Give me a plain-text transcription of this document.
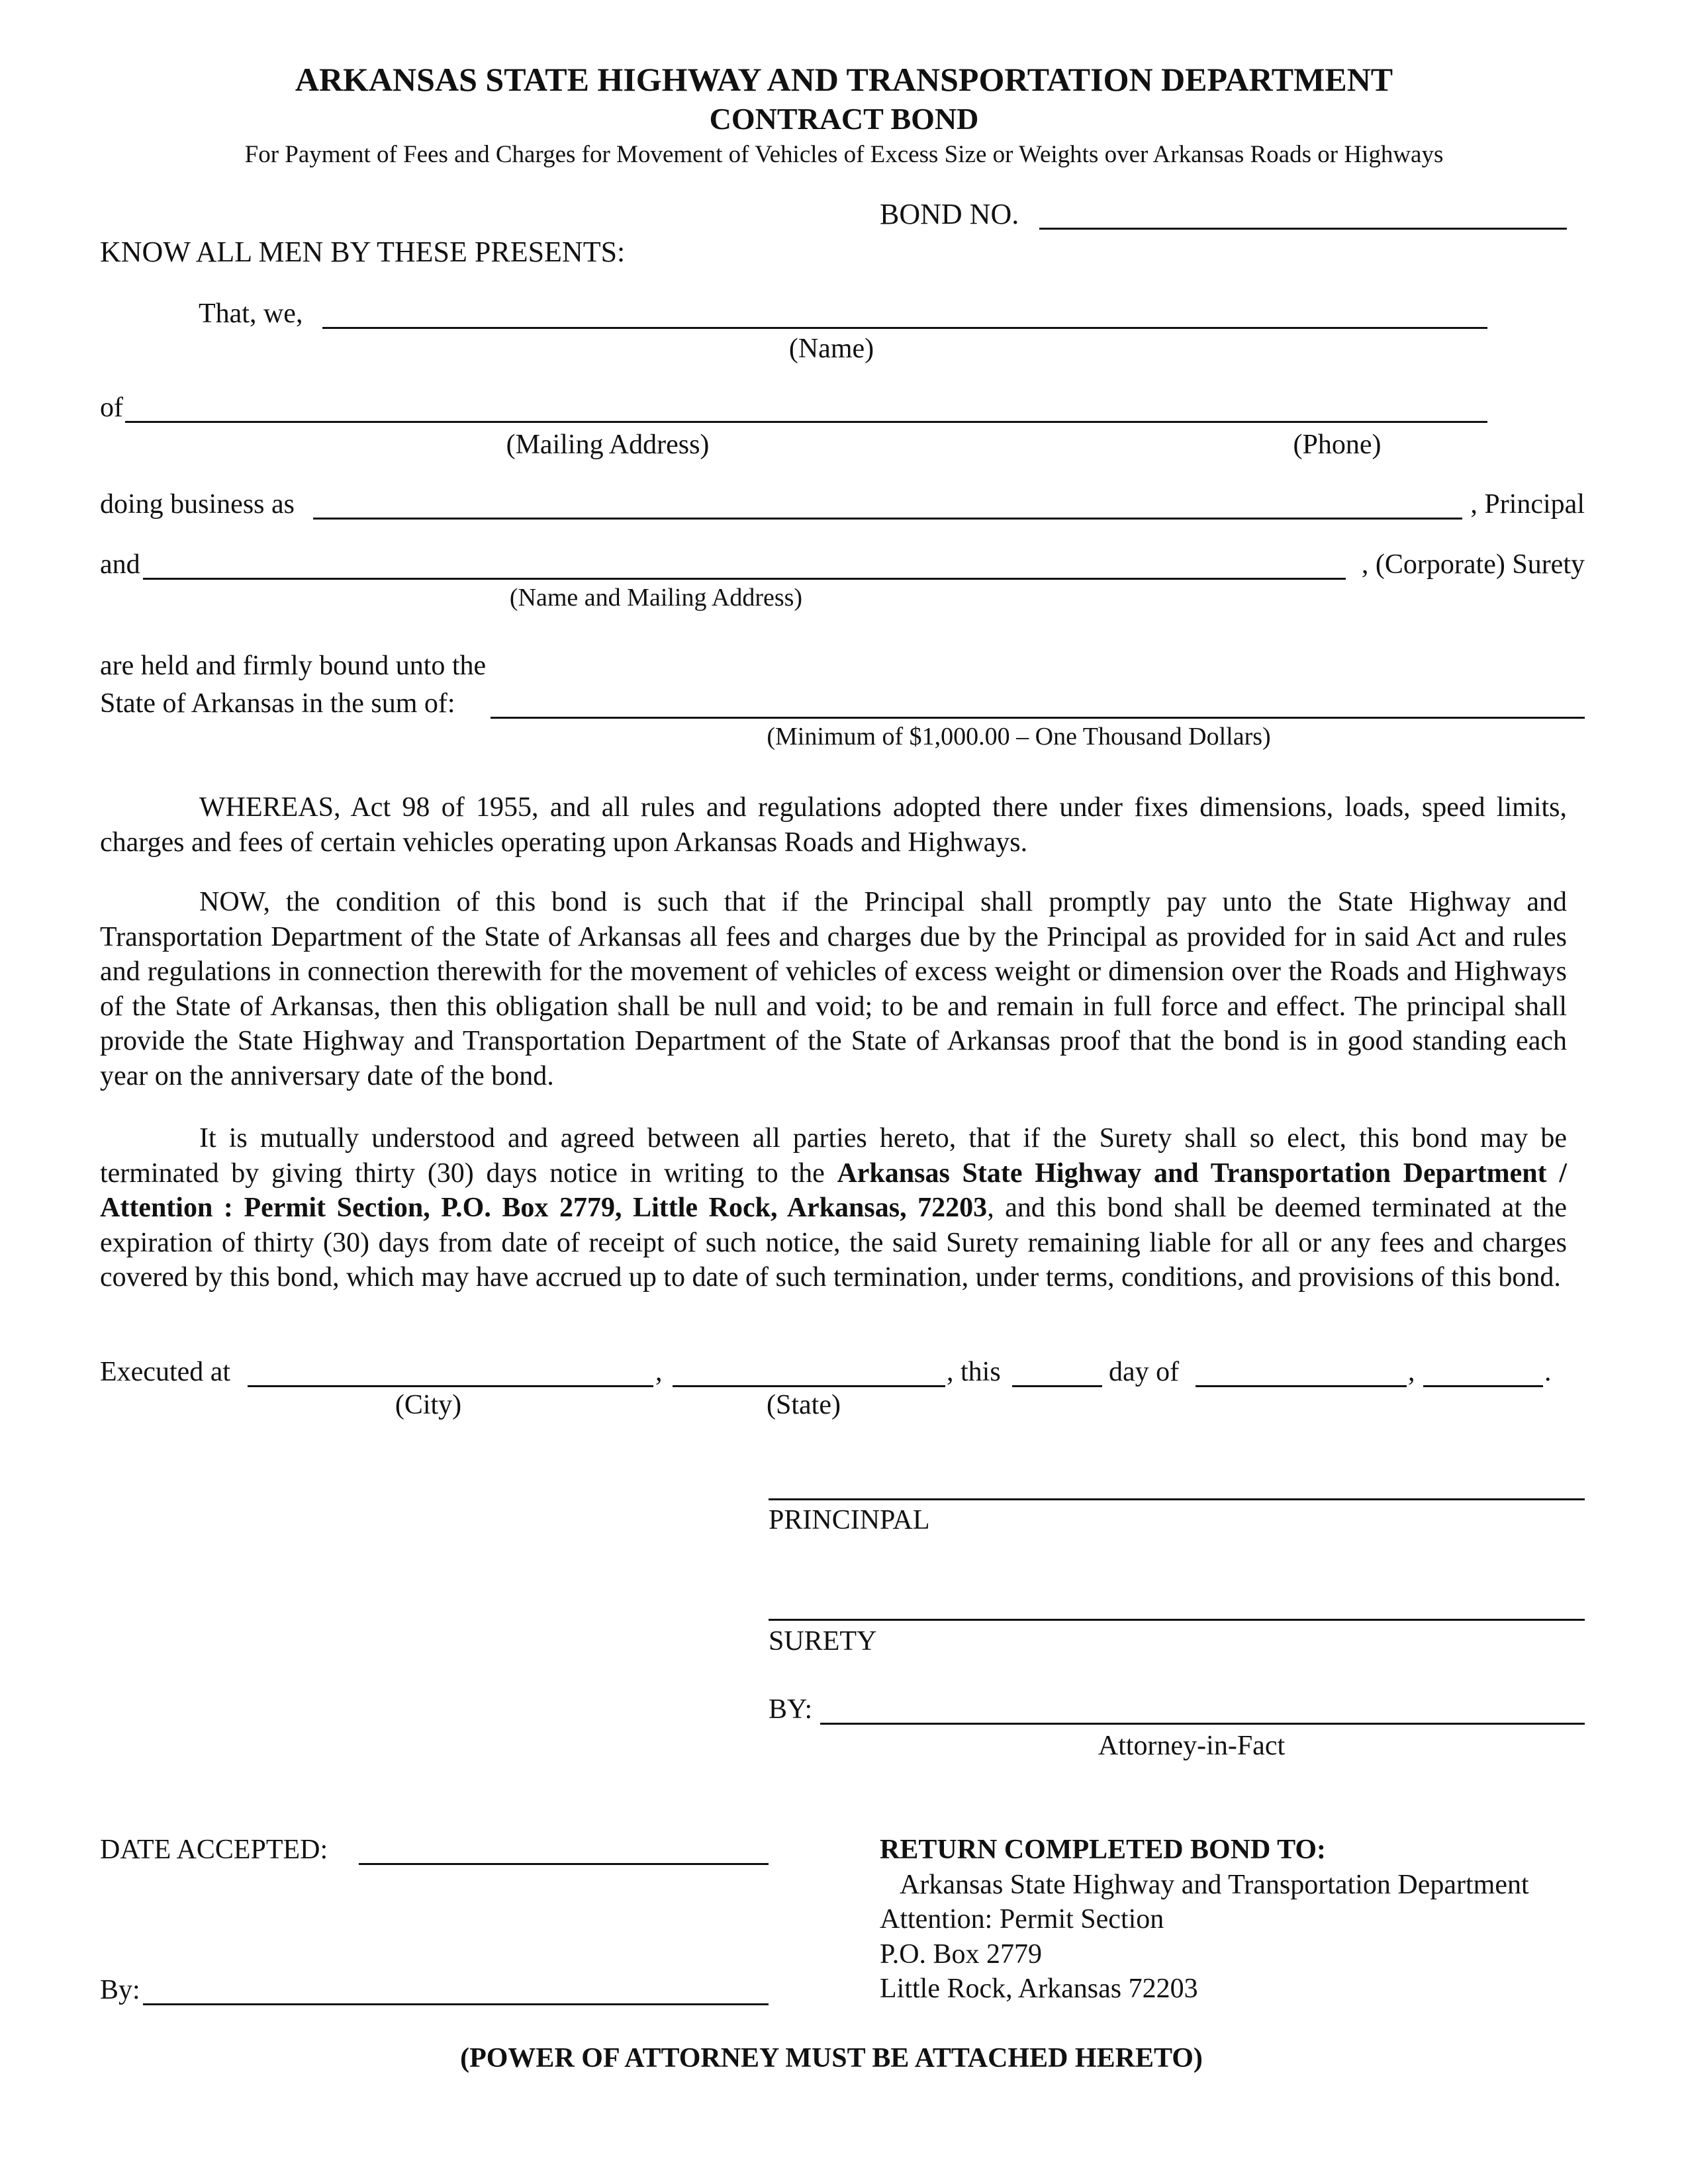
ARKANSAS STATE HIGHWAY AND TRANSPORTATION DEPARTMENT
CONTRACT BOND
For Payment of Fees and Charges for Movement of Vehicles of Excess Size or Weights over Arkansas Roads or Highways
BOND NO.
KNOW ALL MEN BY THESE PRESENTS:
That, we,
(Name)
of
(Mailing Address)	(Phone)
doing business as	, Principal
and	, (Corporate) Surety
(Name and Mailing Address)
are held and firmly bound unto the
State of Arkansas in the sum of:
(Minimum of $1,000.00 – One Thousand Dollars)
WHEREAS, Act 98 of 1955, and all rules and regulations adopted there under fixes dimensions, loads, speed limits, charges and fees of certain vehicles operating upon Arkansas Roads and Highways.
NOW, the condition of this bond is such that if the Principal shall promptly pay unto the State Highway and Transportation Department of the State of Arkansas all fees and charges due by the Principal as provided for in said Act and rules and regulations in connection therewith for the movement of vehicles of excess weight or dimension over the Roads and Highways of the State of Arkansas, then this obligation shall be null and void; to be and remain in full force and effect. The principal shall provide the State Highway and Transportation Department of the State of Arkansas proof that the bond is in good standing each year on the anniversary date of the bond.
It is mutually understood and agreed between all parties hereto, that if the Surety shall so elect, this bond may be terminated by giving thirty (30) days notice in writing to the Arkansas State Highway and Transportation Department / Attention : Permit Section, P.O. Box 2779, Little Rock, Arkansas, 72203, and this bond shall be deemed terminated at the expiration of thirty (30) days from date of receipt of such notice, the said Surety remaining liable for all or any fees and charges covered by this bond, which may have accrued up to date of such termination, under terms, conditions, and provisions of this bond.
Executed at	,	, this	day of	,	.
(City)	(State)
PRINCINPAL
SURETY
BY:
Attorney-in-Fact
DATE ACCEPTED:
By:
RETURN COMPLETED BOND TO:
Arkansas State Highway and Transportation Department
Attention: Permit Section
P.O. Box 2779
Little Rock, Arkansas 72203
(POWER OF ATTORNEY MUST BE ATTACHED HERETO)
